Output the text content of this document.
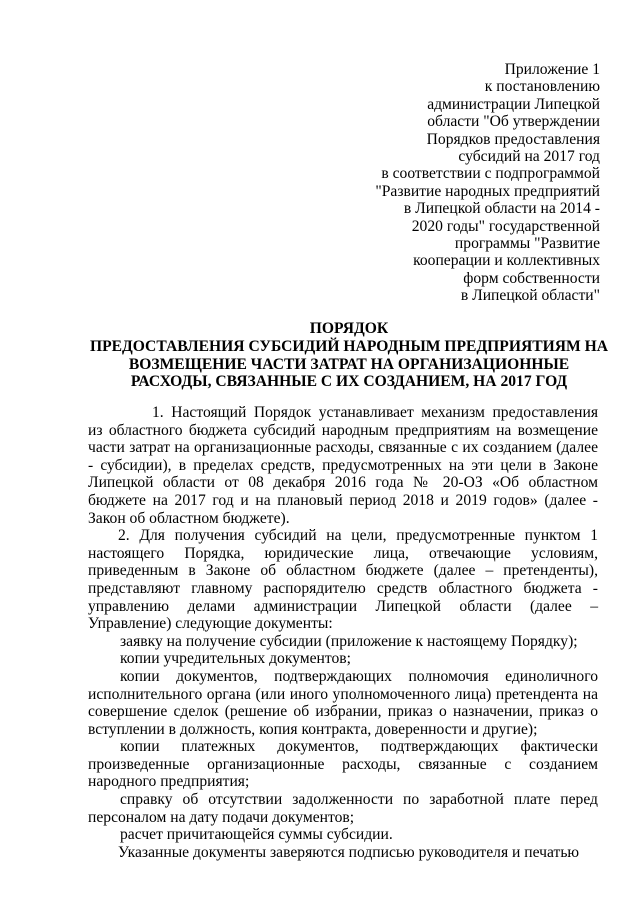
Приложение 1
к постановлению
администрации Липецкой
области "Об утверждении
Порядков предоставления
субсидий на 2017 год
в соответствии с подпрограммой
"Развитие народных предприятий
в Липецкой области на 2014 -
2020 годы" государственной
программы "Развитие
кооперации и коллективных
форм собственности
в Липецкой области"
ПОРЯДОК
ПРЕДОСТАВЛЕНИЯ СУБСИДИЙ НАРОДНЫМ ПРЕДПРИЯТИЯМ НА
ВОЗМЕЩЕНИЕ ЧАСТИ ЗАТРАТ НА ОРГАНИЗАЦИОННЫЕ
РАСХОДЫ, СВЯЗАННЫЕ С ИХ СОЗДАНИЕМ, НА 2017 ГОД

1. Настоящий Порядок устанавливает механизм предоставления из областного бюджета субсидий народным предприятиям на возмещение части затрат на организационные расходы, связанные с их созданием (далее - субсидии), в пределах средств, предусмотренных на эти цели в Законе Липецкой области от 08 декабря 2016 года № 20-ОЗ «Об областном бюджете на 2017 год и на плановый период 2018 и 2019 годов» (далее - Закон об областном бюджете).

2. Для получения субсидий на цели, предусмотренные пунктом 1 настоящего Порядка, юридические лица, отвечающие условиям, приведенным в Законе об областном бюджете (далее – претенденты), представляют главному распорядителю средств областного бюджета - управлению делами администрации Липецкой области (далее – Управление) следующие документы:

заявку на получение субсидии (приложение к настоящему Порядку);

копии учредительных документов;

копии документов, подтверждающих полномочия единоличного исполнительного органа (или иного уполномоченного лица) претендента на совершение сделок (решение об избрании, приказ о назначении, приказ о вступлении в должность, копия контракта, доверенности и другие);

копии платежных документов, подтверждающих фактически произведенные организационные расходы, связанные с созданием народного предприятия;

справку об отсутствии задолженности по заработной плате перед персоналом на дату подачи документов;

расчет причитающейся суммы субсидии.

Указанные документы заверяются подписью руководителя и печатью
